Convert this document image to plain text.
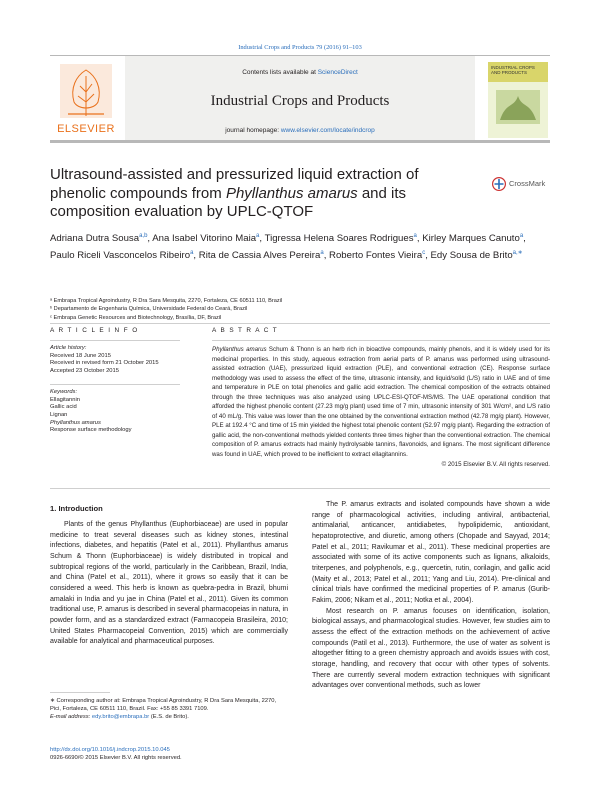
Industrial Crops and Products 79 (2016) 91–103
ELSEVIER
Contents lists available at ScienceDirect
Industrial Crops and Products
journal homepage: www.elsevier.com/locate/indcrop
INDUSTRIAL CROPS AND PRODUCTS
Ultrasound-assisted and pressurized liquid extraction of phenolic compounds from Phyllanthus amarus and its composition evaluation by UPLC-QTOF
CrossMark
Adriana Dutra Sousa$^{a,b}$, Ana Isabel Vitorino Maia$^a$, Tigressa Helena Soares Rodrigues$^a$, Kirley Marques Canuto$^a$, Paulo Riceli Vasconcelos Ribeiro$^a$, Rita de Cassia Alves Pereira$^a$, Roberto Fontes Vieira$^c$, Edy Sousa de Brito$^{a,∗}$
ᵃ Embrapa Tropical Agroindustry, R Dra Sara Mesquita, 2270, Fortaleza, CE 60511 110, Brazil
ᵇ Departamento de Engenharia Química, Universidade Federal do Ceará, Brazil
ᶜ Embrapa Genetic Resources and Biotechnology, Brasília, DF, Brazil
A R T I C L E I N F O
Article history:
Received 18 June 2015
Received in revised form 21 October 2015
Accepted 23 October 2015
Keywords:
Ellagitannin
Gallic acid
Lignan
Phyllanthus amarus
Response surface methodology
A B S T R A C T
Phyllanthus amarus Schum & Thonn is an herb rich in bioactive compounds, mainly phenols, and it is widely used for its medicinal properties. In this study, aqueous extraction from aerial parts of P. amarus was performed using ultrasound-assisted extraction (UAE), pressurized liquid extraction (PLE), and conventional extraction (CE). Response surface methodology was used to assess the effect of the time, ultrasonic intensity, and liquid/solid (L/S) ratio in UAE and of time and temperature in PLE on total phenolics and gallic acid extraction. The chemical composition of the extracts obtained through the three techniques was also analyzed using UPLC-ESI-QTOF-MS/MS. The UAE operational condition that afforded the highest phenolic content (27.23 mg/g plant) used time of 7 min, ultrasonic intensity of 301 W/cm², and L/S ratio of 40 mL/g. This value was lower than the one obtained by the conventional extraction method (42.78 mg/g plant). However, PLE at 192.4 °C and time of 15 min yielded the highest total phenolic content (52.97 mg/g plant). Regarding the extraction of gallic acid, the non-conventional methods yielded contents three times higher than the conventional extraction. The chemical composition of P. amarus extracts had mainly hydrolysable tannins, flavonoids, and lignans. The most significant difference was found in UAE, which proved to be inefficient to extract ellagitannins.
© 2015 Elsevier B.V. All rights reserved.
1. Introduction

Plants of the genus Phyllanthus (Euphorbiaceae) are used in popular medicine to treat several diseases such as kidney stones, intestinal infections, diabetes, and hepatitis (Patel et al., 2011). Phyllanthus amarus Schum & Thonn (Euphorbiaceae) is widely distributed in tropical and subtropical regions of the world, particularly in the Caribbean, Brazil, India, and China (Patel et al., 2011), where it grows so easily that it can be considered a weed. This herb is known as quebra-pedra in Brazil, bhumi amalaki in India and yu jae in China (Patel et al., 2011). Given its common traditional use, P. amarus is described in several pharmacopeias in natura, in powder form, and as a standardized extract (Farmacopeia Brasileira, 2010; United States Pharmacopeial Convention, 2015) which are commercially available for analytical and pharmaceutical purposes.

The P. amarus extracts and isolated compounds have shown a wide range of pharmacological activities, including antiviral, antibacterial, antimalarial, anticancer, antidiabetes, hypolipidemic, antioxidant, hepatoprotective, and diuretic, among others (Chopade and Sayyad, 2014; Patel et al., 2011; Ravikumar et al., 2011). These medicinal properties are associated with some of its active components such as lignans, alkaloids, triterpenes, and polyphenols, e.g., quercetin, rutin, corilagin, and gallic acid (Maity et al., 2013; Patel et al., 2011; Yang and Liu, 2014). Pre-clinical and clinical trials have confirmed the medicinal properties of P. amarus (Gurib-Fakim, 2006; Nikam et al., 2011; Notka et al., 2004).

Most research on P. amarus focuses on identification, isolation, biological assays, and pharmacological studies. However, few studies aim to assess the effect of the extraction methods on the achievement of active compounds (Patil et al., 2013). Furthermore, the use of water as solvent is altogether fitting to a green chemistry approach and avoids issues with cost, storage, handling, and recovery that occur with other types of solvents. There are currently several modern extraction techniques with significant advantages over conventional methods, such as lower

∗ Corresponding author at: Embrapa Tropical Agroindustry, R Dra Sara Mesquita, 2270, Pici, Fortaleza, CE 60511 110, Brazil. Fax: +55 85 3391 7109.
E-mail address: edy.brito@embrapa.br (E.S. de Brito).
http://dx.doi.org/10.1016/j.indcrop.2015.10.045
0926-6690/© 2015 Elsevier B.V. All rights reserved.
